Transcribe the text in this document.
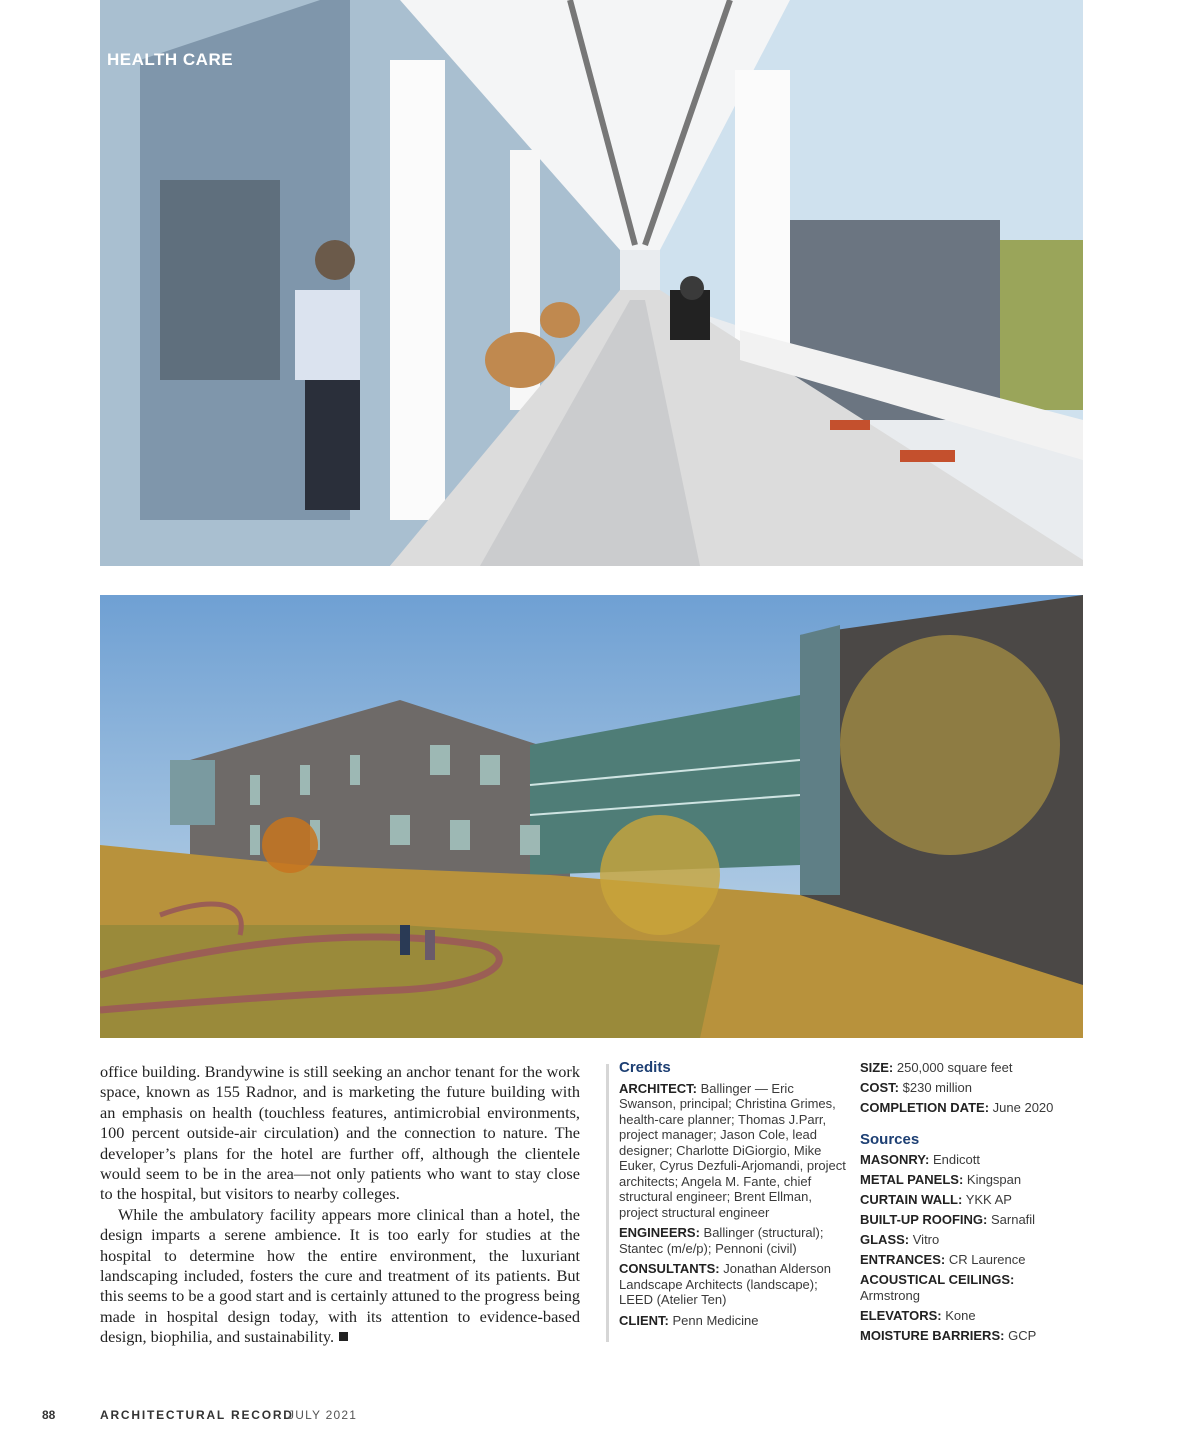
HEALTH CARE

office building. Brandywine is still seeking an anchor tenant for the work space, known as 155 Radnor, and is marketing the future building with an emphasis on health (touchless features, antimicrobial environments, 100 percent outside-air circulation) and the connection to nature. The developer’s plans for the hotel are further off, although the clientele would seem to be in the area—not only patients who want to stay close to the hospital, but visitors to nearby colleges.

While the ambulatory facility appears more clinical than a hotel, the design imparts a serene ambience. It is too early for studies at the hospital to determine how the entire environment, the luxuriant landscaping included, fosters the cure and treatment of its patients. But this seems to be a good start and is certainly attuned to the progress being made in hospital design today, with its attention to evidence-based design, biophilia, and sustainability.

Credits
ARCHITECT: Ballinger — Eric Swanson, principal; Christina Grimes, health-care planner; Thomas J.Parr, project manager; Jason Cole, lead designer; Charlotte DiGiorgio, Mike Euker, Cyrus Dezfuli-Arjomandi, project architects; Angela M. Fante, chief structural engineer; Brent Ellman, project structural engineer
ENGINEERS: Ballinger (structural); Stantec (m/e/p); Pennoni (civil)
CONSULTANTS: Jonathan Alderson Landscape Architects (landscape); LEED (Atelier Ten)
CLIENT: Penn Medicine
SIZE: 250,000 square feet
COST: $230 million
COMPLETION DATE: June 2020
Sources
MASONRY: Endicott
METAL PANELS: Kingspan
CURTAIN WALL: YKK AP
BUILT-UP ROOFING: Sarnafil
GLASS: Vitro
ENTRANCES: CR Laurence
ACOUSTICAL CEILINGS:
Armstrong
ELEVATORS: Kone
MOISTURE BARRIERS: GCP
88	ARCHITECTURAL RECORD
JULY 2021
